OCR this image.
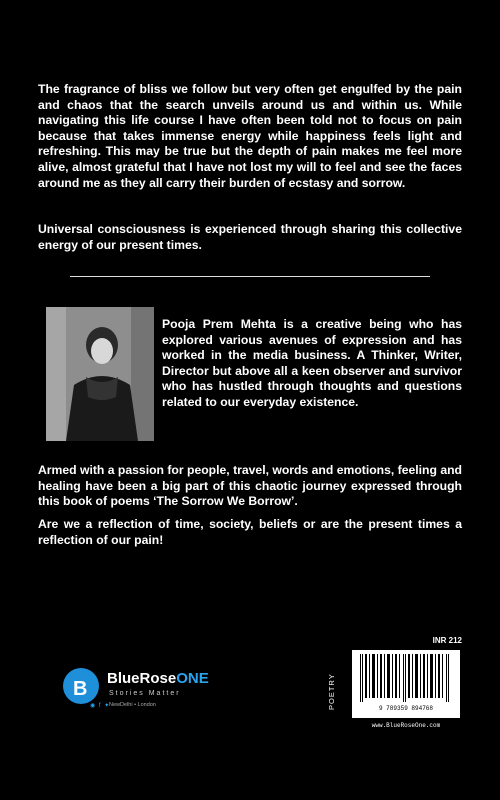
The fragrance of bliss we follow but very often get engulfed by the pain and chaos that the search unveils around us and within us. While navigating this life course I have often been told not to focus on pain because that takes immense energy while happiness feels light and refreshing. This may be true but the depth of pain makes me feel more alive, almost grateful that I have not lost my will to feel and see the faces around me as they all carry their burden of ecstasy and sorrow.

Universal consciousness is experienced through sharing this collective energy of our present times.

Pooja Prem Mehta is a creative being who has explored various avenues of expression and has worked in the media business. A Thinker, Writer, Director but above all a keen observer and survivor who has hustled through thoughts and questions related to our everyday existence.

Armed with a passion for people, travel, words and emotions, feeling and healing have been a big part of this chaotic journey expressed through this book of poems ‘The Sorrow We Borrow’.

Are we a reflection of time, society, beliefs or are the present times a reflection of our pain!

B BlueRoseONE
Stories Matter
NewDelhi • London
◉ f ✦
INR 212
POETRY	9 789359 894768
www.BlueRoseOne.com
